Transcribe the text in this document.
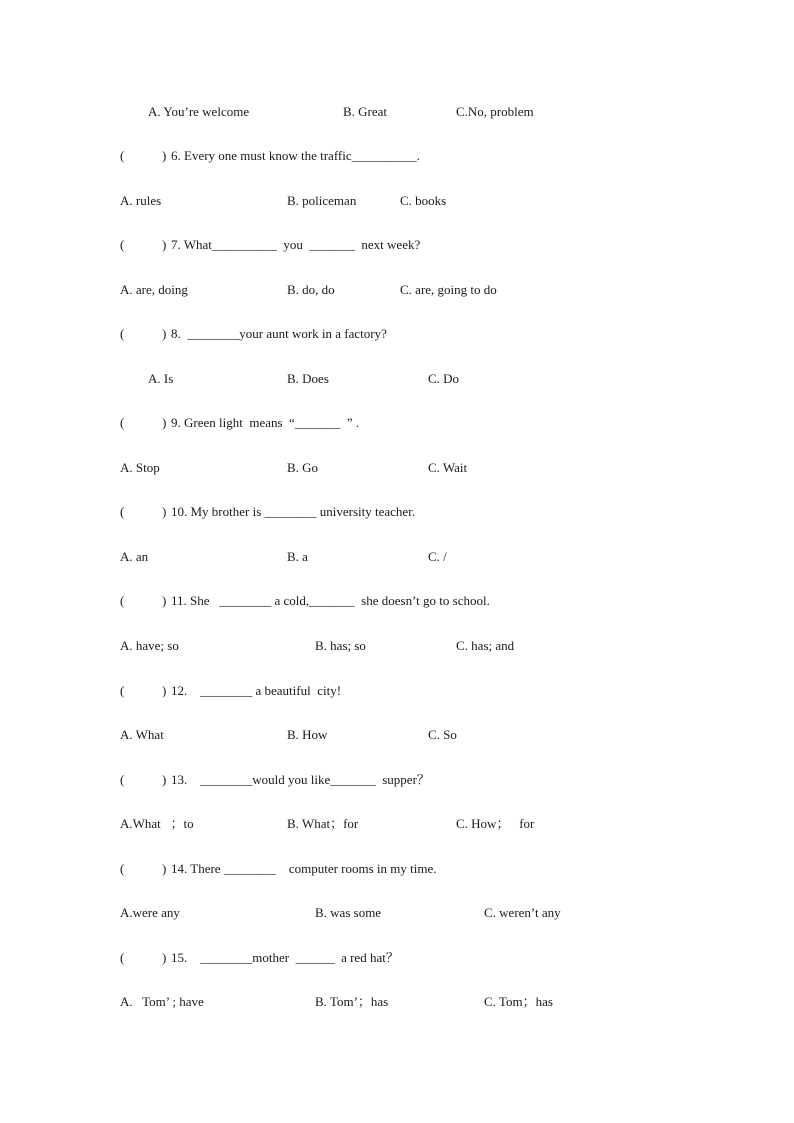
A. You’re welcome

	B. Great

	C.No, problem

(

	)

6. Every one must know the traffic__________.

A. rules

	B. policeman

	C. books

(

	)

7. What__________  you  _______  next week?

A. are, doing

	B. do, do

	C. are, going to do

(

	)

8.  ________your aunt work in a factory?

A. Is

	B. Does

	C. Do

(

	)

9. Green light  means  “_______  ” .

A. Stop

	B. Go

	C. Wait

(

	)

10. My brother is ________ university teacher.

A. an

	B. a

	C. /

(

	)

11. She   ________ a cold,_______  she doesn’t go to school.

A. have; so

	B. has; so

	C. has; and

(

	)

12.    ________ a beautiful  city!

A. What

	B. How

	C. So

(

	)

13.    ________would you like_______  supper？

A.What   ；to

	B. What；for

	C. How；   for

(

	)

14. There ________    computer rooms in my time.

A.were any

	B. was some

	C. weren’t any

(

	)

15.    ________mother  ______  a red hat？

A.   Tom’ ; have

	B. Tom’；has

	C. Tom；has
